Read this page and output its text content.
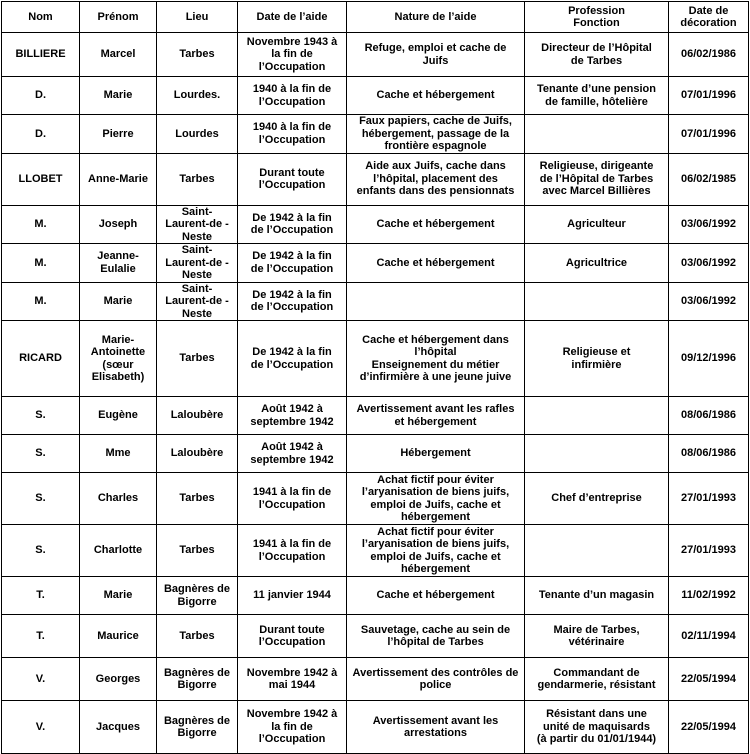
Nom	Prénom	Lieu	Date de l’aide	Nature de l’aide	Profession
Fonction	Date de
décoration
BILLIERE	Marcel	Tarbes	Novembre 1943 à
la fin de
l’Occupation	Refuge, emploi et cache de
Juifs	Directeur de l’Hôpital
de Tarbes	06/02/1986
D.	Marie	Lourdes.	1940 à la fin de
l’Occupation	Cache et hébergement	Tenante d’une pension
de famille, hôtelière	07/01/1996
D.	Pierre	Lourdes	1940 à la fin de
l’Occupation	Faux papiers, cache de Juifs,
hébergement, passage de la
frontière espagnole		07/01/1996
LLOBET	Anne-Marie	Tarbes	Durant toute
l’Occupation	Aide aux Juifs, cache dans
l’hôpital, placement des
enfants dans des pensionnats	Religieuse, dirigeante
de l’Hôpital de Tarbes
avec Marcel Billières	06/02/1985
M.	Joseph	Saint-
Laurent-de -
Neste	De 1942 à la fin
de l’Occupation	Cache et hébergement	Agriculteur	03/06/1992
M.	Jeanne-
Eulalie	Saint-
Laurent-de -
Neste	De 1942 à la fin
de l’Occupation	Cache et hébergement	Agricultrice	03/06/1992
M.	Marie	Saint-
Laurent-de -
Neste	De 1942 à la fin
de l’Occupation			03/06/1992
RICARD	Marie-
Antoinette
(sœur
Elisabeth)	Tarbes	De 1942 à la fin
de l’Occupation	Cache et hébergement dans
l’hôpital
Enseignement du métier
d’infirmière à une jeune juive	Religieuse et
infirmière	09/12/1996
S.	Eugène	Laloubère	Août 1942 à
septembre 1942	Avertissement avant les rafles
et hébergement		08/06/1986
S.	Mme	Laloubère	Août 1942 à
septembre 1942	Hébergement		08/06/1986
S.	Charles	Tarbes	1941 à la fin de
l’Occupation	Achat fictif pour éviter
l’aryanisation de biens juifs,
emploi de Juifs, cache et
hébergement	Chef d’entreprise	27/01/1993
S.	Charlotte	Tarbes	1941 à la fin de
l’Occupation	Achat fictif pour éviter
l’aryanisation de biens juifs,
emploi de Juifs, cache et
hébergement		27/01/1993
T.	Marie	Bagnères de
Bigorre	11 janvier 1944	Cache et hébergement	Tenante d’un magasin	11/02/1992
T.	Maurice	Tarbes	Durant toute
l’Occupation	Sauvetage, cache au sein de
l’hôpital de Tarbes	Maire de Tarbes,
vétérinaire	02/11/1994
V.	Georges	Bagnères de
Bigorre	Novembre 1942 à
mai 1944	Avertissement des contrôles de
police	Commandant de
gendarmerie, résistant	22/05/1994
V.	Jacques	Bagnères de
Bigorre	Novembre 1942 à
la fin de
l’Occupation	Avertissement avant les
arrestations	Résistant dans une
unité de maquisards
(à partir du 01/01/1944)	22/05/1994
